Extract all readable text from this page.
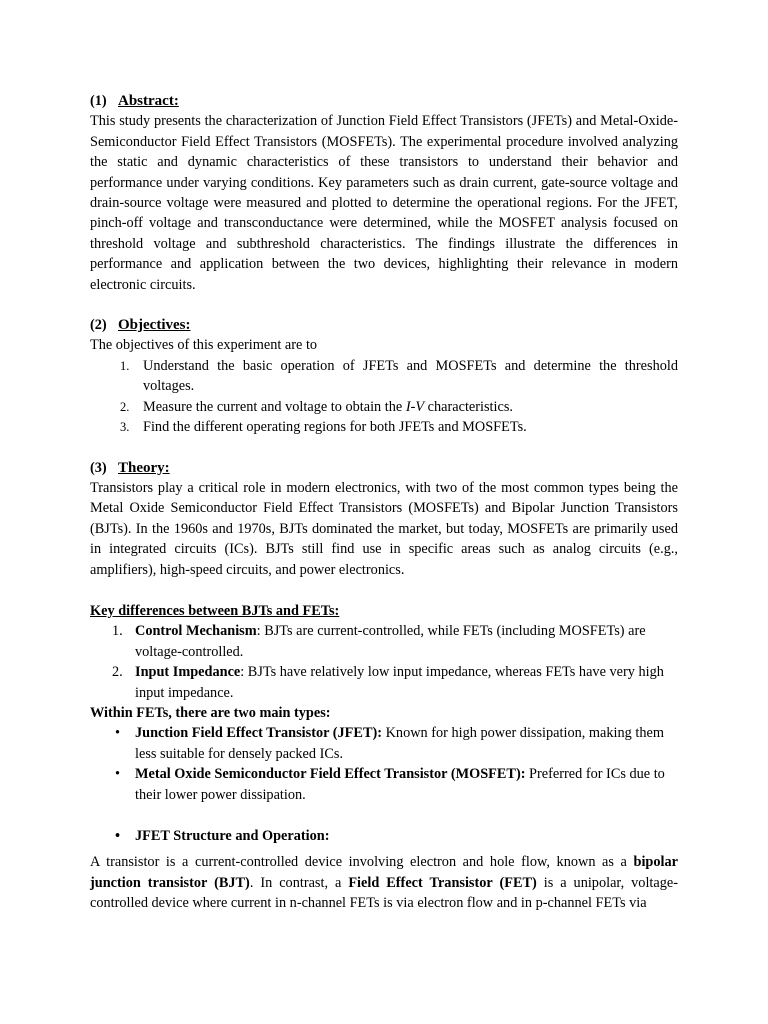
(1) Abstract:

This study presents the characterization of Junction Field Effect Transistors (JFETs) and Metal-Oxide-Semiconductor Field Effect Transistors (MOSFETs). The experimental procedure involved analyzing the static and dynamic characteristics of these transistors to understand their behavior and performance under varying conditions. Key parameters such as drain current, gate-source voltage and drain-source voltage were measured and plotted to determine the operational regions. For the JFET, pinch-off voltage and transconductance were determined, while the MOSFET analysis focused on threshold voltage and subthreshold characteristics. The findings illustrate the differences in performance and application between the two devices, highlighting their relevance in modern electronic circuits.

(2) Objectives:

The objectives of this experiment are to

1. Understand the basic operation of JFETs and MOSFETs and determine the threshold voltages.
2. Measure the current and voltage to obtain the I-V characteristics.
3. Find the different operating regions for both JFETs and MOSFETs.

(3) Theory:

Transistors play a critical role in modern electronics, with two of the most common types being the Metal Oxide Semiconductor Field Effect Transistors (MOSFETs) and Bipolar Junction Transistors (BJTs). In the 1960s and 1970s, BJTs dominated the market, but today, MOSFETs are primarily used in integrated circuits (ICs). BJTs still find use in specific areas such as analog circuits (e.g., amplifiers), high-speed circuits, and power electronics.

Key differences between BJTs and FETs:

1. Control Mechanism: BJTs are current-controlled, while FETs (including MOSFETs) are voltage-controlled.
2. Input Impedance: BJTs have relatively low input impedance, whereas FETs have very high input impedance.

Within FETs, there are two main types:

• Junction Field Effect Transistor (JFET): Known for high power dissipation, making them less suitable for densely packed ICs.
• Metal Oxide Semiconductor Field Effect Transistor (MOSFET): Preferred for ICs due to their lower power dissipation.

• JFET Structure and Operation:

A transistor is a current-controlled device involving electron and hole flow, known as a bipolar junction transistor (BJT). In contrast, a Field Effect Transistor (FET) is a unipolar, voltage-controlled device where current in n-channel FETs is via electron flow and in p-channel FETs via
